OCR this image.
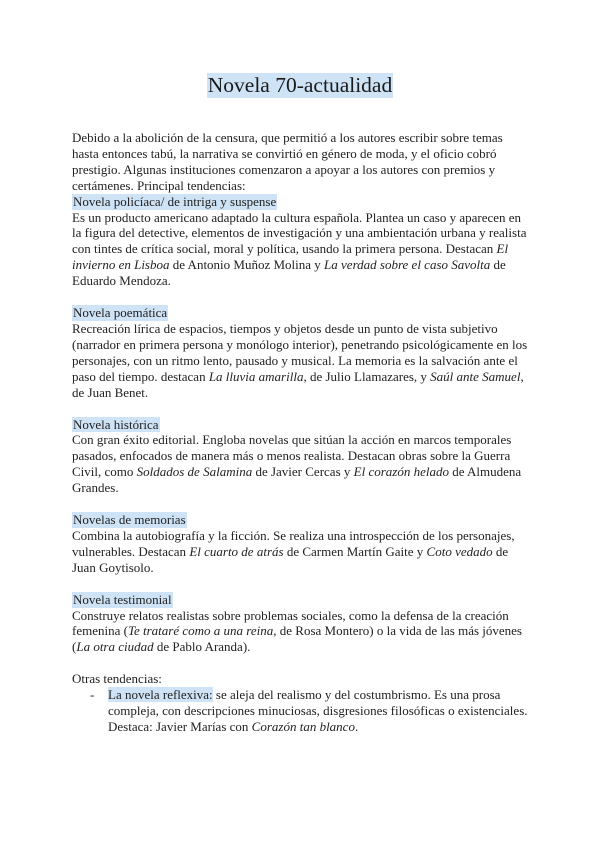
Novela 70-actualidad

Debido a la abolición de la censura, que permitió a los autores escribir sobre temas hasta entonces tabú, la narrativa se convirtió en género de moda, y el oficio cobró prestigio. Algunas instituciones comenzaron a apoyar a los autores con premios y certámenes. Principal tendencias:

Novela policíaca/ de intriga y suspense

Es un producto americano adaptado la cultura española. Plantea un caso y aparecen en la figura del detective, elementos de investigación y una ambientación urbana y realista con tintes de crítica social, moral y política, usando la primera persona. Destacan El invierno en Lisboa de Antonio Muñoz Molina y La verdad sobre el caso Savolta de Eduardo Mendoza.

Novela poemática

Recreación lírica de espacios, tiempos y objetos desde un punto de vista subjetivo (narrador en primera persona y monólogo interior), penetrando psicológicamente en los personajes, con un ritmo lento, pausado y musical. La memoria es la salvación ante el paso del tiempo. destacan La lluvia amarilla, de Julio Llamazares, y Saúl ante Samuel, de Juan Benet.

Novela histórica

Con gran éxito editorial. Engloba novelas que sitúan la acción en marcos temporales pasados, enfocados de manera más o menos realista. Destacan obras sobre la Guerra Civil, como Soldados de Salamina de Javier Cercas y El corazón helado de Almudena Grandes.

Novelas de memorias

Combina la autobiografía y la ficción. Se realiza una introspección de los personajes, vulnerables. Destacan El cuarto de atrás de Carmen Martín Gaite y Coto vedado de Juan Goytisolo.

Novela testimonial

Construye relatos realistas sobre problemas sociales, como la defensa de la creación femenina (Te trataré como a una reina, de Rosa Montero) o la vida de las más jóvenes (La otra ciudad de Pablo Aranda).

Otras tendencias:

- La novela reflexiva: se aleja del realismo y del costumbrismo. Es una prosa compleja, con descripciones minuciosas, disgresiones filosóficas o existenciales. Destaca: Javier Marías con Corazón tan blanco.
